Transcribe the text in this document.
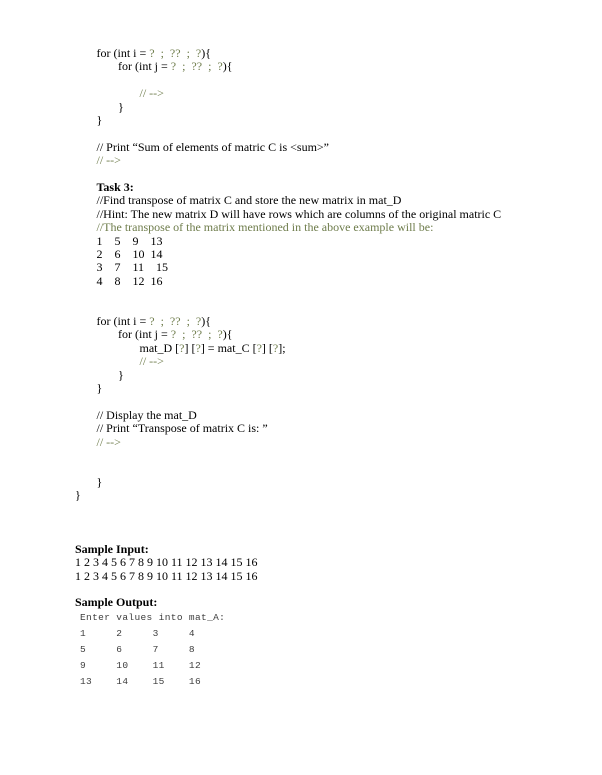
for (int i = ?  ;  ??  ;  ?){
for (int j = ?  ;  ??  ;  ?){
// -->
}
}
// Print “Sum of elements of matric C is <sum>”
// -->
Task 3:
//Find transpose of matrix C and store the new matrix in mat_D
//Hint: The new matrix D will have rows which are columns of the original matric C
//The transpose of the matrix mentioned in the above example will be:
1    5    9    13
2    6    10  14
3    7    11    15
4    8    12  16
for (int i = ?  ;  ??  ;  ?){
for (int j = ?  ;  ??  ;  ?){
mat_D [?] [?] = mat_C [?] [?];
// -->
}
}
// Display the mat_D
// Print “Transpose of matrix C is: ”
// -->
}
}
Sample Input:
1 2 3 4 5 6 7 8 9 10 11 12 13 14 15 16
1 2 3 4 5 6 7 8 9 10 11 12 13 14 15 16
Sample Output:
Enter values into mat_A:
1     2     3     4
5     6     7     8
9     10    11    12
13    14    15    16
